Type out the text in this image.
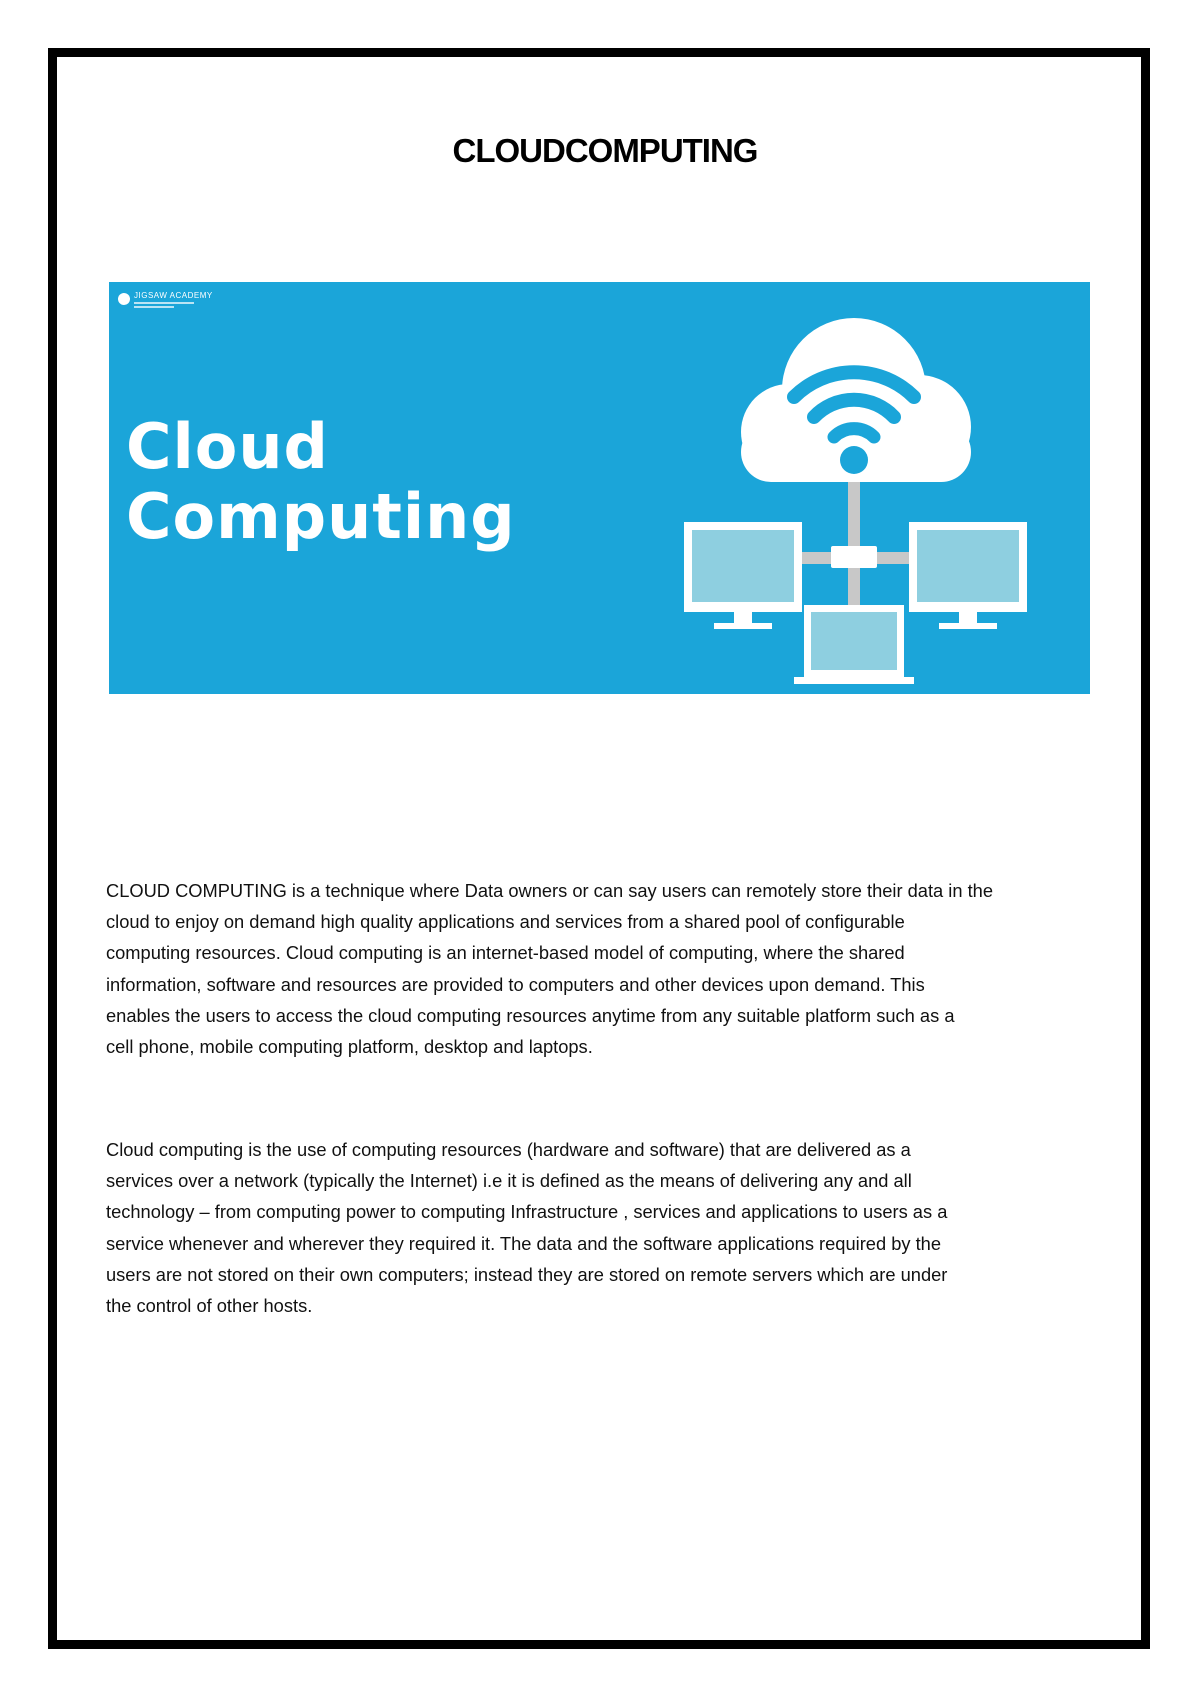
CLOUDCOMPUTING
JIGSAW ACADEMY
Cloud
Computing

CLOUD COMPUTING is a technique where Data owners or can say users can remotely store their data in the
cloud to enjoy on demand high quality applications and services from a shared pool of configurable
computing resources. Cloud computing is an internet-based model of computing, where the shared
information, software and resources are provided to computers and other devices upon demand. This
enables the users to access the cloud computing resources anytime from any suitable platform such as a
cell phone, mobile computing platform, desktop and laptops.

Cloud computing is the use of computing resources (hardware and software) that are delivered as a
services over a network (typically the Internet) i.e it is defined as the means of delivering any and all
technology – from computing power to computing Infrastructure , services and applications to users as a
service whenever and wherever they required it. The data and the software applications required by the
users are not stored on their own computers; instead they are stored on remote servers which are under
the control of other hosts.
